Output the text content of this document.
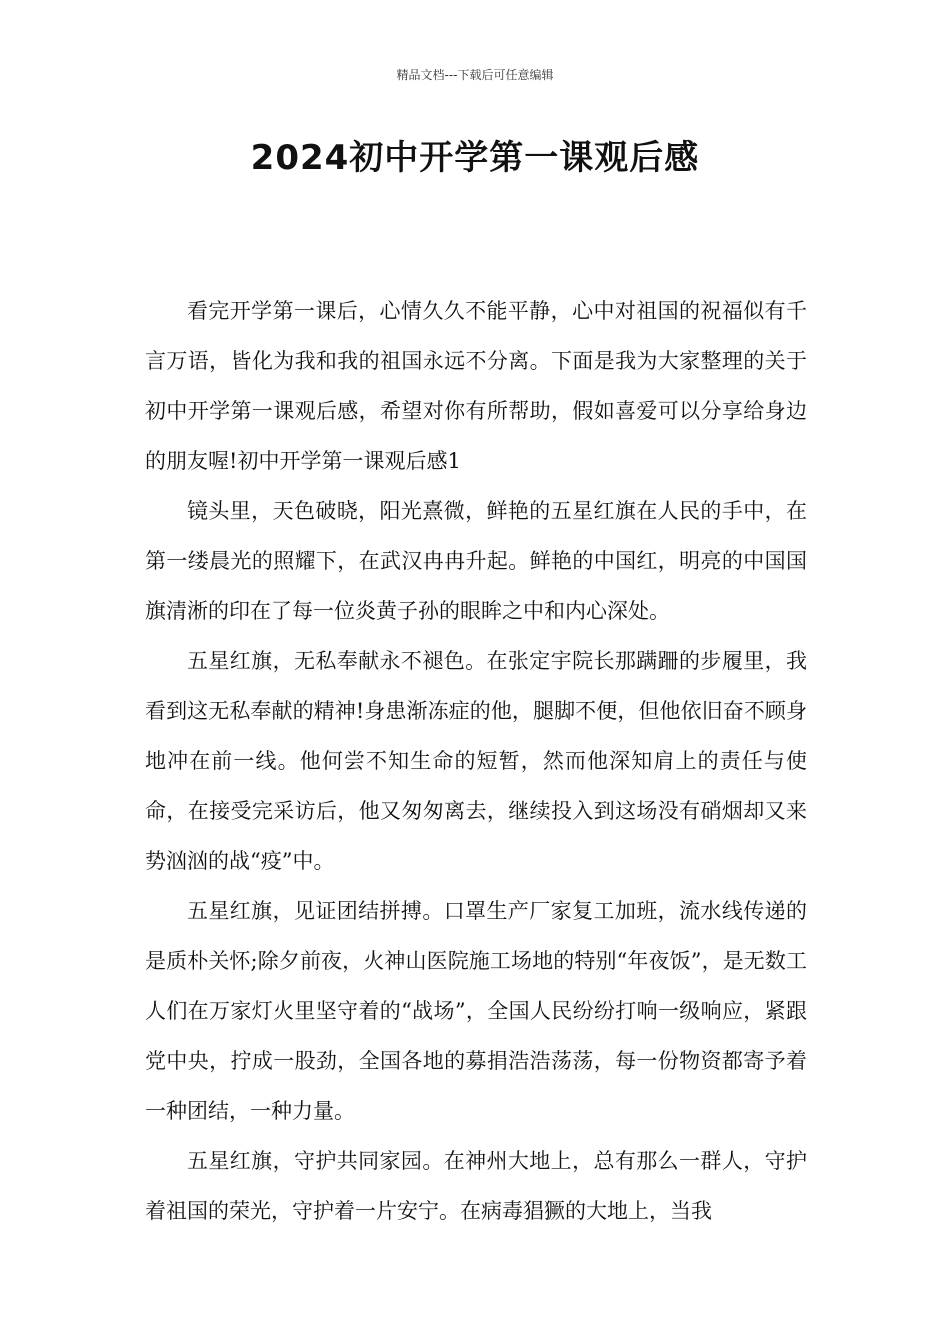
精品文档---下载后可任意编辑
2024初中开学第一课观后感

看完开学第一课后，心情久久不能平静，心中对祖国的祝福似有千言万语，皆化为我和我的祖国永远不分离。下面是我为大家整理的关于初中开学第一课观后感，希望对你有所帮助，假如喜爱可以分享给身边的朋友喔!初中开学第一课观后感1

镜头里，天色破晓，阳光熹微，鲜艳的五星红旗在人民的手中，在第一缕晨光的照耀下，在武汉冉冉升起。鲜艳的中国红，明亮的中国国旗清淅的印在了每一位炎黄子孙的眼眸之中和内心深处。

五星红旗，无私奉献永不褪色。在张定宇院长那蹒跚的步履里，我看到这无私奉献的精神!身患渐冻症的他，腿脚不便，但他依旧奋不顾身地冲在前一线。他何尝不知生命的短暂，然而他深知肩上的责任与使命，在接受完采访后，他又匆匆离去，继续投入到这场没有硝烟却又来势汹汹的战“疫”中。

五星红旗，见证团结拼搏。口罩生产厂家复工加班，流水线传递的是质朴关怀;除夕前夜，火神山医院施工场地的特别“年夜饭”，是无数工人们在万家灯火里坚守着的“战场”，全国人民纷纷打响一级响应，紧跟党中央，拧成一股劲，全国各地的募捐浩浩荡荡，每一份物资都寄予着一种团结，一种力量。

五星红旗，守护共同家园。在神州大地上，总有那么一群人，守护着祖国的荣光，守护着一片安宁。在病毒猖獗的大地上，当我
